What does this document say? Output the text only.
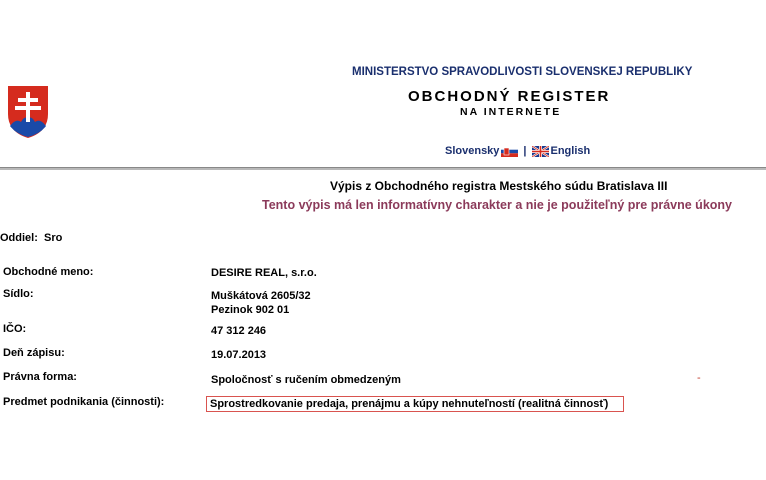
MINISTERSTVO SPRAVODLIVOSTI SLOVENSKEJ REPUBLIKY
OBCHODNÝ REGISTER
NA INTERNETE
Slovensky | English
Výpis z Obchodného registra Mestského súdu Bratislava III
Tento výpis má len informatívny charakter a nie je použiteľný pre právne úkony
Oddiel: Sro
Obchodné meno:	DESIRE REAL, s.r.o.
Sídlo:	Muškátová 2605/32
Pezinok 902 01
IČO:	47 312 246
Deň zápisu:	19.07.2013
Právna forma:	Spoločnosť s ručením obmedzeným	-
Predmet podnikania (činnosti):	Sprostredkovanie predaja, prenájmu a kúpy nehnuteľností (realitná činnosť)
